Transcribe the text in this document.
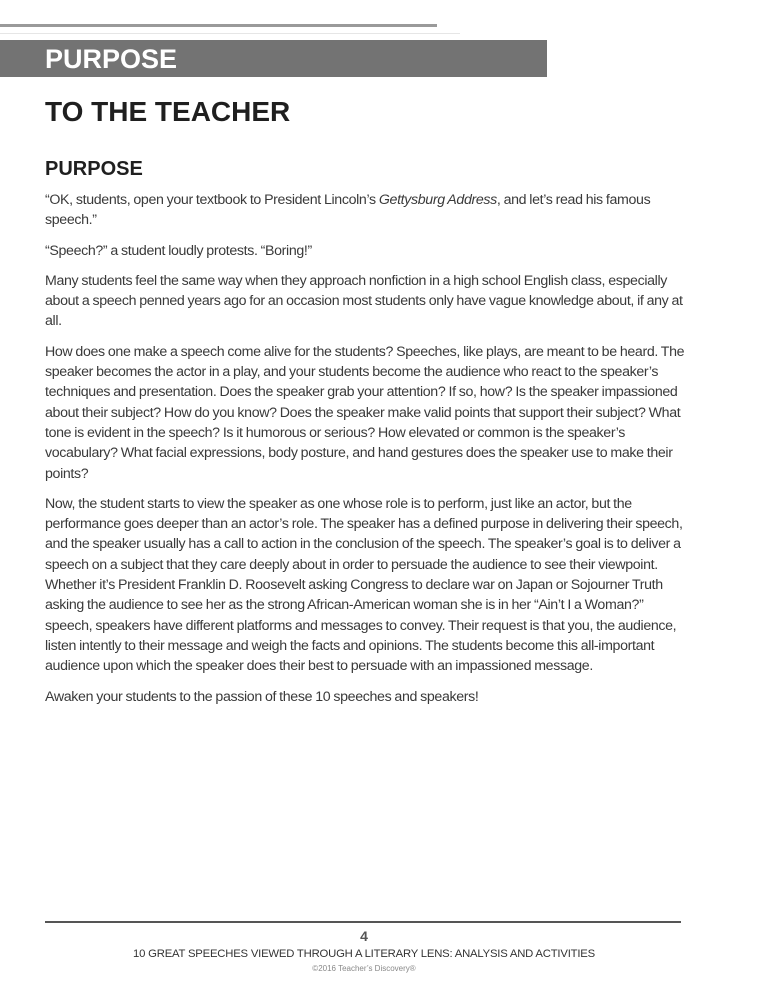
PURPOSE
TO THE TEACHER
PURPOSE

“OK, students, open your textbook to President Lincoln’s Gettysburg Address, and let’s read his famous speech.”

“Speech?” a student loudly protests. “Boring!”

Many students feel the same way when they approach nonfiction in a high school English class, especially about a speech penned years ago for an occasion most students only have vague knowledge about, if any at all.

How does one make a speech come alive for the students? Speeches, like plays, are meant to be heard. The speaker becomes the actor in a play, and your students become the audience who react to the speaker’s techniques and presentation. Does the speaker grab your attention? If so, how? Is the speaker impassioned about their subject? How do you know? Does the speaker make valid points that support their subject? What tone is evident in the speech? Is it humorous or serious? How elevated or common is the speaker’s vocabulary? What facial expressions, body posture, and hand gestures does the speaker use to make their points?

Now, the student starts to view the speaker as one whose role is to perform, just like an actor, but the performance goes deeper than an actor’s role. The speaker has a defined purpose in delivering their speech, and the speaker usually has a call to action in the conclusion of the speech. The speaker’s goal is to deliver a speech on a subject that they care deeply about in order to persuade the audience to see their viewpoint. Whether it’s President Franklin D. Roosevelt asking Congress to declare war on Japan or Sojourner Truth asking the audience to see her as the strong African-American woman she is in her “Ain’t I a Woman?” speech, speakers have different platforms and messages to convey. Their request is that you, the audience, listen intently to their message and weigh the facts and opinions. The students become this all-important audience upon which the speaker does their best to persuade with an impassioned message.

Awaken your students to the passion of these 10 speeches and speakers!

4
10 GREAT SPEECHES VIEWED THROUGH A LITERARY LENS: ANALYSIS AND ACTIVITIES
©2016 Teacher’s Discovery®
